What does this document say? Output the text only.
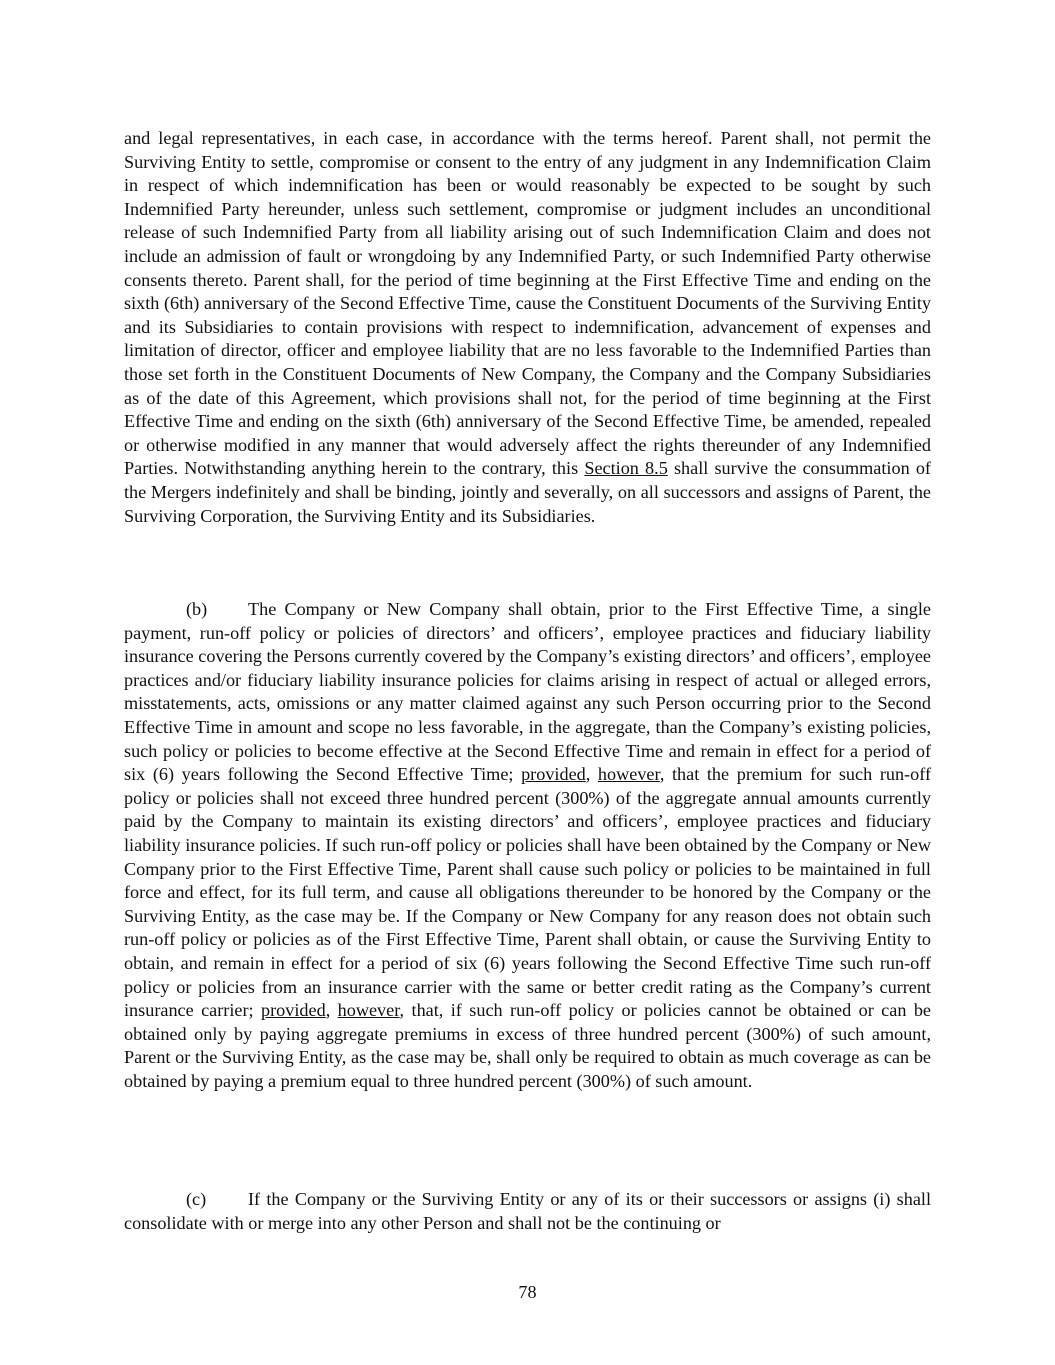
and legal representatives, in each case, in accordance with the terms hereof. Parent shall, not permit the Surviving Entity to settle, compromise or consent to the entry of any judgment in any Indemnification Claim in respect of which indemnification has been or would reasonably be expected to be sought by such Indemnified Party hereunder, unless such settlement, compromise or judgment includes an unconditional release of such Indemnified Party from all liability arising out of such Indemnification Claim and does not include an admission of fault or wrongdoing by any Indemnified Party, or such Indemnified Party otherwise consents thereto. Parent shall, for the period of time beginning at the First Effective Time and ending on the sixth (6th) anniversary of the Second Effective Time, cause the Constituent Documents of the Surviving Entity and its Subsidiaries to contain provisions with respect to indemnification, advancement of expenses and limitation of director, officer and employee liability that are no less favorable to the Indemnified Parties than those set forth in the Constituent Documents of New Company, the Company and the Company Subsidiaries as of the date of this Agreement, which provisions shall not, for the period of time beginning at the First Effective Time and ending on the sixth (6th) anniversary of the Second Effective Time, be amended, repealed or otherwise modified in any manner that would adversely affect the rights thereunder of any Indemnified Parties. Notwithstanding anything herein to the contrary, this Section 8.5 shall survive the consummation of the Mergers indefinitely and shall be binding, jointly and severally, on all successors and assigns of Parent, the Surviving Corporation, the Surviving Entity and its Subsidiaries.

(b) The Company or New Company shall obtain, prior to the First Effective Time, a single payment, run-off policy or policies of directors’ and officers’, employee practices and fiduciary liability insurance covering the Persons currently covered by the Company’s existing directors’ and officers’, employee practices and/or fiduciary liability insurance policies for claims arising in respect of actual or alleged errors, misstatements, acts, omissions or any matter claimed against any such Person occurring prior to the Second Effective Time in amount and scope no less favorable, in the aggregate, than the Company’s existing policies, such policy or policies to become effective at the Second Effective Time and remain in effect for a period of six (6) years following the Second Effective Time; provided, however, that the premium for such run-off policy or policies shall not exceed three hundred percent (300%) of the aggregate annual amounts currently paid by the Company to maintain its existing directors’ and officers’, employee practices and fiduciary liability insurance policies. If such run-off policy or policies shall have been obtained by the Company or New Company prior to the First Effective Time, Parent shall cause such policy or policies to be maintained in full force and effect, for its full term, and cause all obligations thereunder to be honored by the Company or the Surviving Entity, as the case may be. If the Company or New Company for any reason does not obtain such run-off policy or policies as of the First Effective Time, Parent shall obtain, or cause the Surviving Entity to obtain, and remain in effect for a period of six (6) years following the Second Effective Time such run-off policy or policies from an insurance carrier with the same or better credit rating as the Company’s current insurance carrier; provided, however, that, if such run-off policy or policies cannot be obtained or can be obtained only by paying aggregate premiums in excess of three hundred percent (300%) of such amount, Parent or the Surviving Entity, as the case may be, shall only be required to obtain as much coverage as can be obtained by paying a premium equal to three hundred percent (300%) of such amount.

(c) If the Company or the Surviving Entity or any of its or their successors or assigns (i) shall consolidate with or merge into any other Person and shall not be the continuing or

78
